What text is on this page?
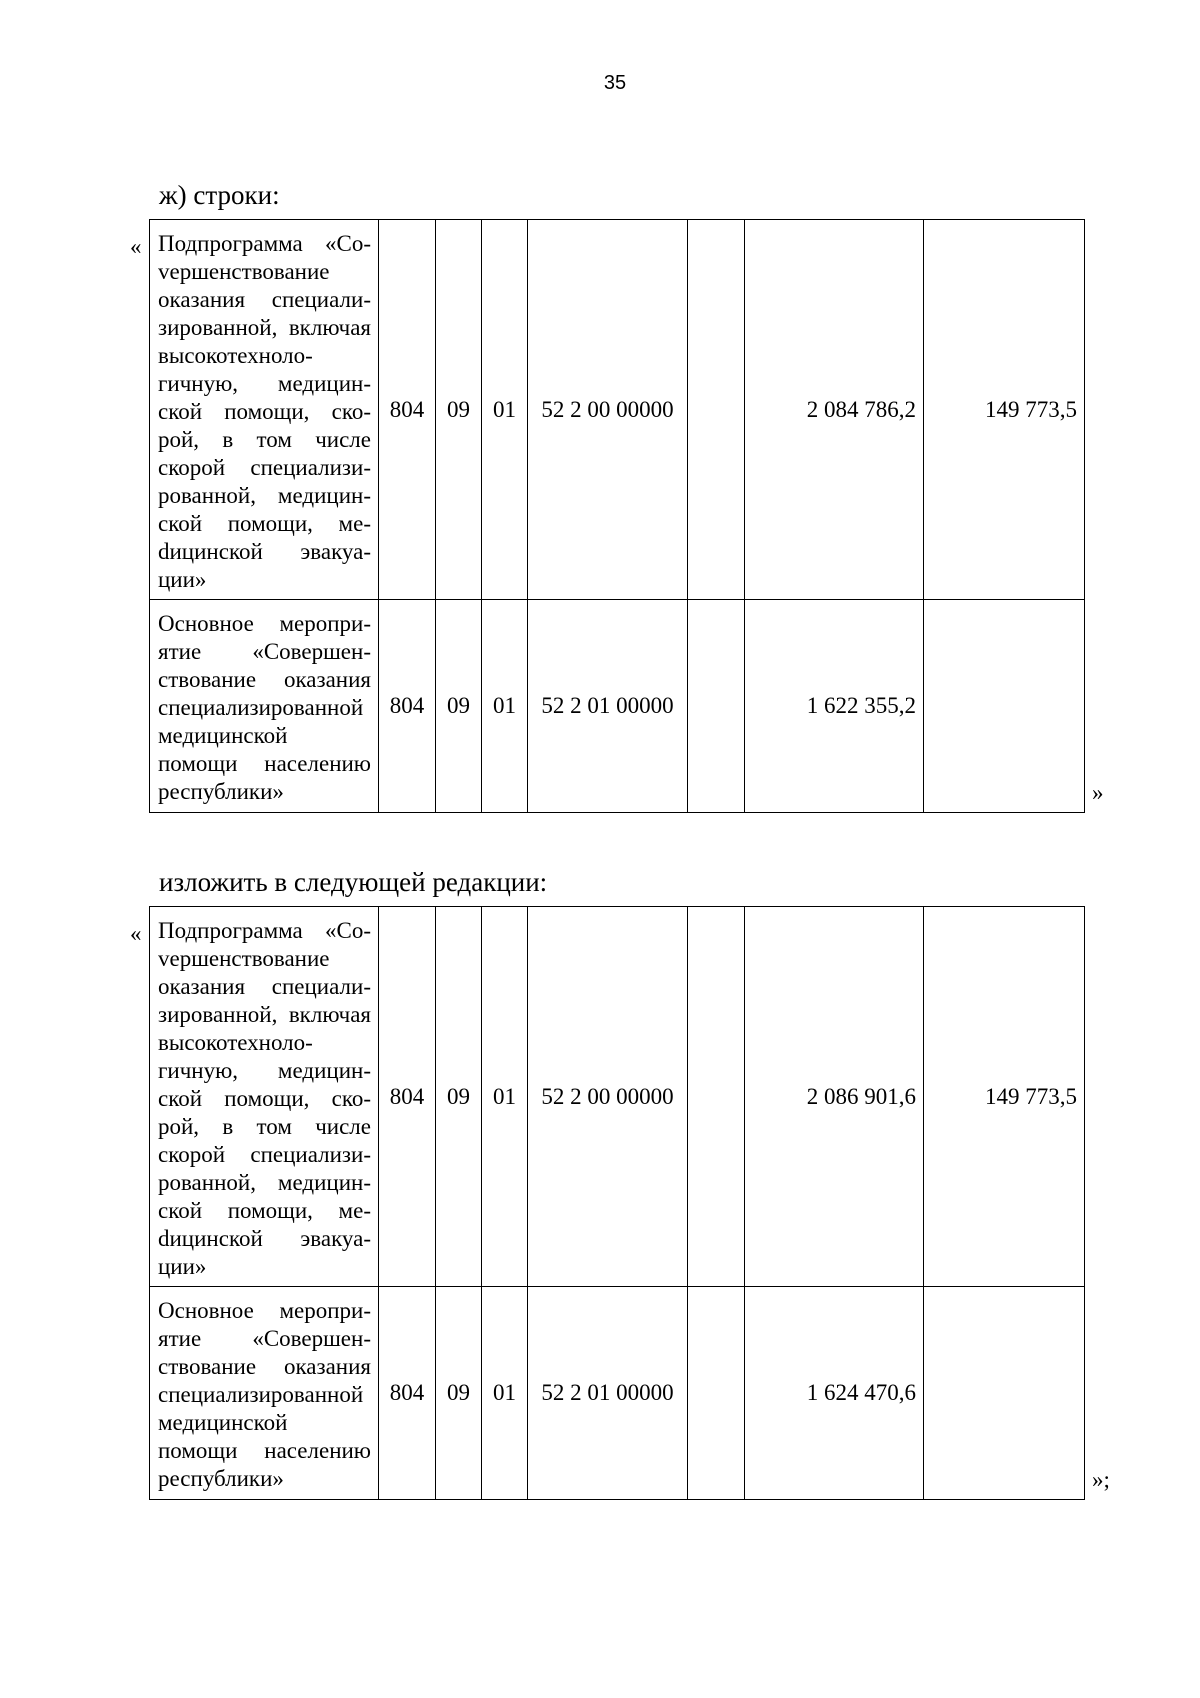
35
ж) строки:
« Подпрограмма «Соvершенствование оказания специализированной, включая высокотехнологичную, медицинской помощи, скорой, в том числе скорой специализированной, медицинской помощи, меdицинской эвакуации»	804	09	01	52 2 00 00000		2 084 786,2	149 773,5
Основное мероприятие «Совершенствование оказания специализированной медицинской помощи населению республики»	804	09	01	52 2 01 00000		1 622 355,2	
»
изложить в следующей редакции:
« Подпрограмма «Соvершенствование оказания специализированной, включая высокотехнологичную, медицинской помощи, скорой, в том числе скорой специализированной, медицинской помощи, меdицинской эвакуации»	804	09	01	52 2 00 00000		2 086 901,6	149 773,5
Основное мероприятие «Совершенствование оказания специализированной медицинской помощи населению республики»	804	09	01	52 2 01 00000		1 624 470,6	
»;
